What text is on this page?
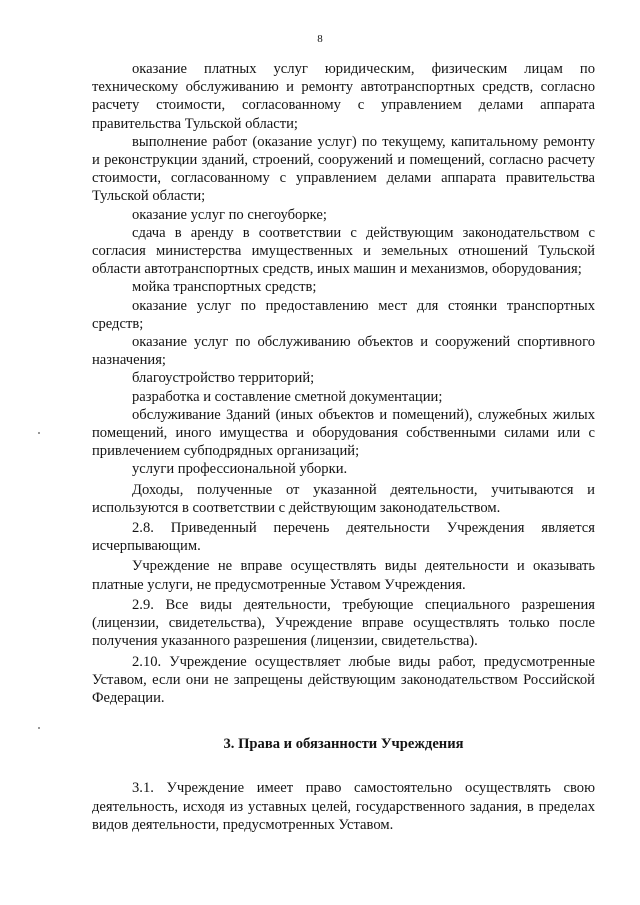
8

оказание платных услуг юридическим, физическим лицам по техническому обслуживанию и ремонту автотранспортных средств, согласно расчету стоимости, согласованному с управлением делами аппарата правительства Тульской области;

выполнение работ (оказание услуг) по текущему, капитальному ремонту и реконструкции зданий, строений, сооружений и помещений, согласно расчету стоимости, согласованному с управлением делами аппарата правительства Тульской области;

оказание услуг по снегоуборке;

сдача в аренду в соответствии с действующим законодательством с согласия министерства имущественных и земельных отношений Тульской области автотранспортных средств, иных машин и механизмов, оборудования;

мойка транспортных средств;

оказание услуг по предоставлению мест для стоянки транспортных средств;

оказание услуг по обслуживанию объектов и сооружений спортивного назначения;

благоустройство территорий;

разработка и составление сметной документации;

обслуживание Зданий (иных объектов и помещений), служебных жилых помещений, иного имущества и оборудования собственными силами или с привлечением субподрядных организаций;

услуги профессиональной уборки.

Доходы, полученные от указанной деятельности, учитываются и используются в соответствии с действующим законодательством.

2.8. Приведенный перечень деятельности Учреждения является исчерпывающим.

Учреждение не вправе осуществлять виды деятельности и оказывать платные услуги, не предусмотренные Уставом Учреждения.

2.9. Все виды деятельности, требующие специального разрешения (лицензии, свидетельства), Учреждение вправе осуществлять только после получения указанного разрешения (лицензии, свидетельства).

2.10. Учреждение осуществляет любые виды работ, предусмотренные Уставом, если они не запрещены действующим законодательством Российской Федерации.

3. Права и обязанности Учреждения

3.1. Учреждение имеет право самостоятельно осуществлять свою деятельность, исходя из уставных целей, государственного задания, в пределах видов деятельности, предусмотренных Уставом.
